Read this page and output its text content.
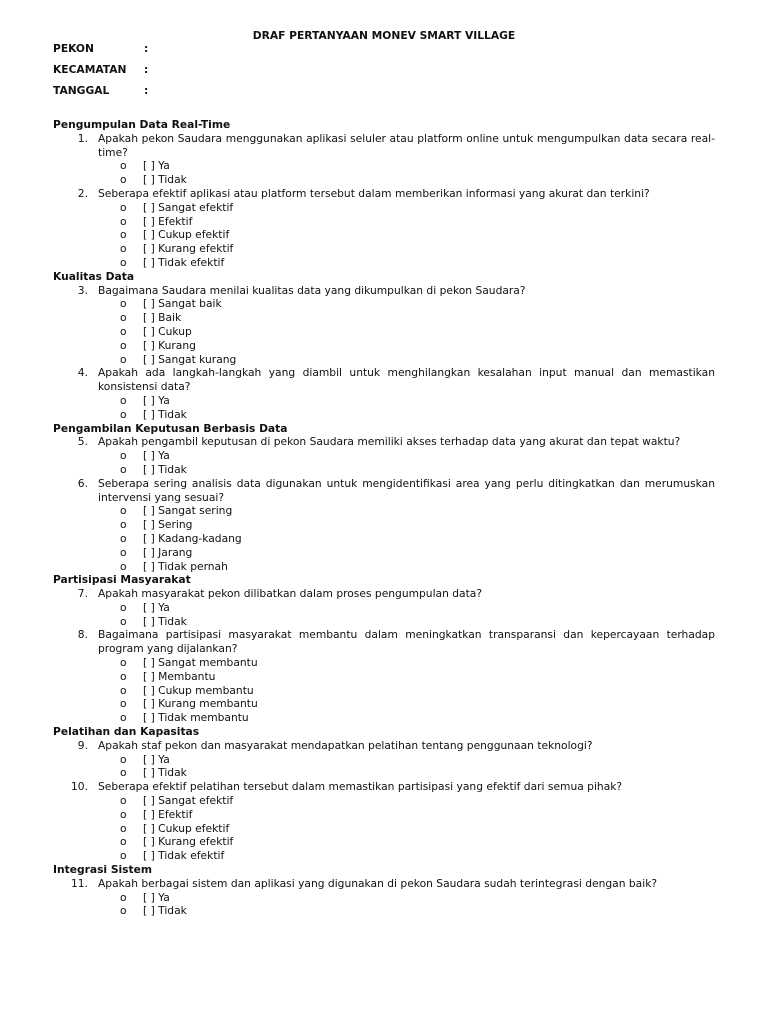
DRAF PERTANYAAN MONEV SMART VILLAGE
PEKON	:
KECAMATAN :
TANGGAL	:
Pengumpulan Data Real-Time
1. Apakah pekon Saudara menggunakan aplikasi seluler atau platform online untuk mengumpulkan data secara real-time?
o [ ] Ya
o [ ] Tidak
2. Seberapa efektif aplikasi atau platform tersebut dalam memberikan informasi yang akurat dan terkini?
o [ ] Sangat efektif
o [ ] Efektif
o [ ] Cukup efektif
o [ ] Kurang efektif
o [ ] Tidak efektif
Kualitas Data
3. Bagaimana Saudara menilai kualitas data yang dikumpulkan di pekon Saudara?
o [ ] Sangat baik
o [ ] Baik
o [ ] Cukup
o [ ] Kurang
o [ ] Sangat kurang
4. Apakah ada langkah-langkah yang diambil untuk menghilangkan kesalahan input manual dan memastikan konsistensi data?
o [ ] Ya
o [ ] Tidak
Pengambilan Keputusan Berbasis Data
5. Apakah pengambil keputusan di pekon Saudara memiliki akses terhadap data yang akurat dan tepat waktu?
o [ ] Ya
o [ ] Tidak
6. Seberapa sering analisis data digunakan untuk mengidentifikasi area yang perlu ditingkatkan dan merumuskan intervensi yang sesuai?
o [ ] Sangat sering
o [ ] Sering
o [ ] Kadang-kadang
o [ ] Jarang
o [ ] Tidak pernah
Partisipasi Masyarakat
7. Apakah masyarakat pekon dilibatkan dalam proses pengumpulan data?
o [ ] Ya
o [ ] Tidak
8. Bagaimana partisipasi masyarakat membantu dalam meningkatkan transparansi dan kepercayaan terhadap program yang dijalankan?
o [ ] Sangat membantu
o [ ] Membantu
o [ ] Cukup membantu
o [ ] Kurang membantu
o [ ] Tidak membantu
Pelatihan dan Kapasitas
9. Apakah staf pekon dan masyarakat mendapatkan pelatihan tentang penggunaan teknologi?
o [ ] Ya
o [ ] Tidak
10. Seberapa efektif pelatihan tersebut dalam memastikan partisipasi yang efektif dari semua pihak?
o [ ] Sangat efektif
o [ ] Efektif
o [ ] Cukup efektif
o [ ] Kurang efektif
o [ ] Tidak efektif
Integrasi Sistem
11. Apakah berbagai sistem dan aplikasi yang digunakan di pekon Saudara sudah terintegrasi dengan baik?
o [ ] Ya
o [ ] Tidak
